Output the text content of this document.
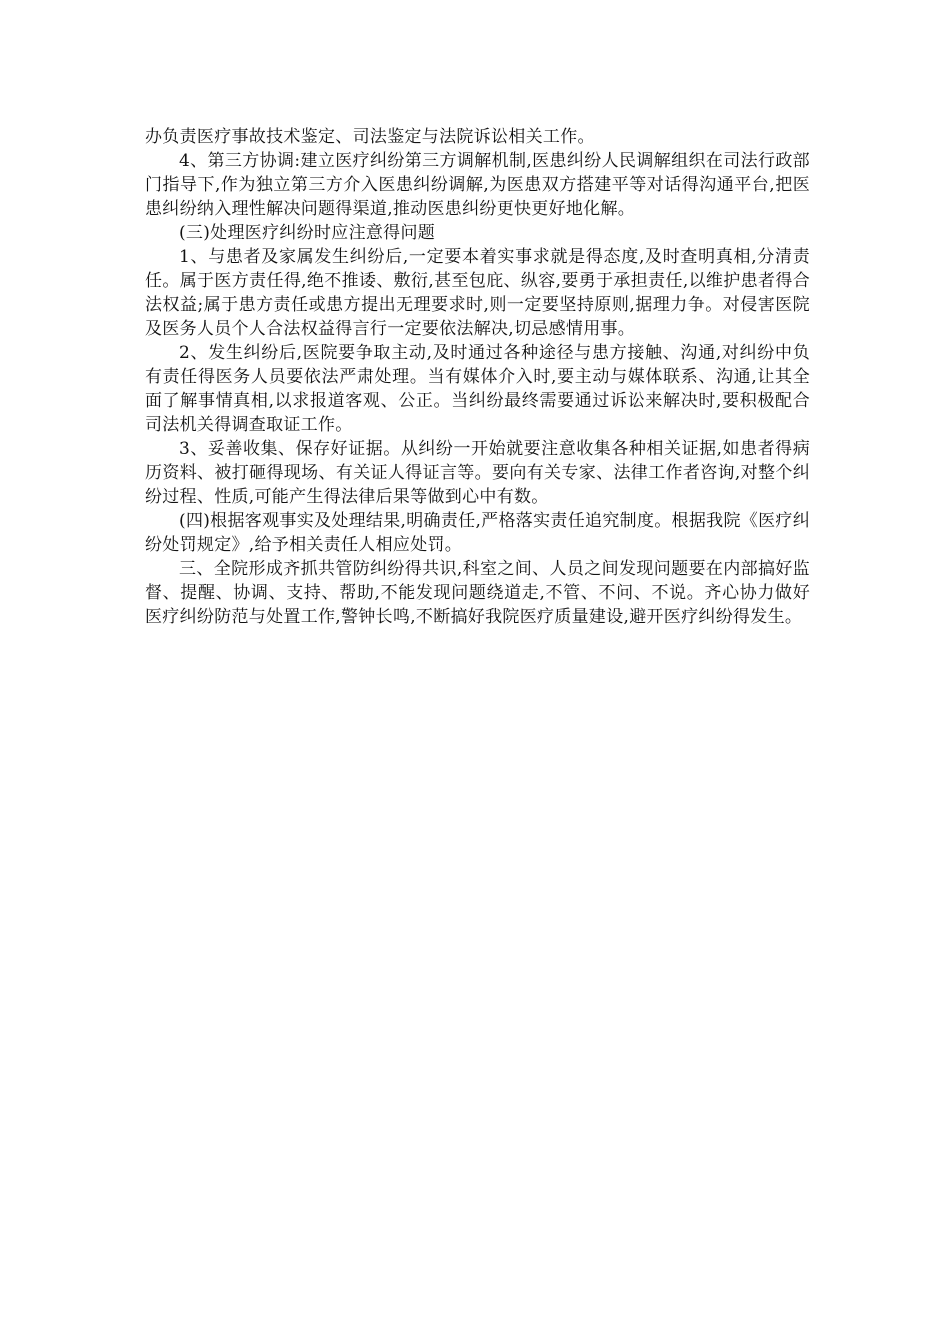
办负责医疗事故技术鉴定、司法鉴定与法院诉讼相关工作。

4、第三方协调:建立医疗纠纷第三方调解机制,医患纠纷人民调解组织在司法行政部门指导下,作为独立第三方介入医患纠纷调解,为医患双方搭建平等对话得沟通平台,把医患纠纷纳入理性解决问题得渠道,推动医患纠纷更快更好地化解。

(三)处理医疗纠纷时应注意得问题

1、与患者及家属发生纠纷后,一定要本着实事求就是得态度,及时查明真相,分清责任。属于医方责任得,绝不推诿、敷衍,甚至包庇、纵容,要勇于承担责任,以维护患者得合法权益;属于患方责任或患方提出无理要求时,则一定要坚持原则,据理力争。对侵害医院及医务人员个人合法权益得言行一定要依法解决,切忌感情用事。

2、发生纠纷后,医院要争取主动,及时通过各种途径与患方接触、沟通,对纠纷中负有责任得医务人员要依法严肃处理。当有媒体介入时,要主动与媒体联系、沟通,让其全面了解事情真相,以求报道客观、公正。当纠纷最终需要通过诉讼来解决时,要积极配合司法机关得调查取证工作。

3、妥善收集、保存好证据。从纠纷一开始就要注意收集各种相关证据,如患者得病历资料、被打砸得现场、有关证人得证言等。要向有关专家、法律工作者咨询,对整个纠纷过程、性质,可能产生得法律后果等做到心中有数。

(四)根据客观事实及处理结果,明确责任,严格落实责任追究制度。根据我院《医疗纠纷处罚规定》,给予相关责任人相应处罚。

三、全院形成齐抓共管防纠纷得共识,科室之间、人员之间发现问题要在内部搞好监督、提醒、协调、支持、帮助,不能发现问题绕道走,不管、不问、不说。齐心协力做好医疗纠纷防范与处置工作,警钟长鸣,不断搞好我院医疗质量建设,避开医疗纠纷得发生。
